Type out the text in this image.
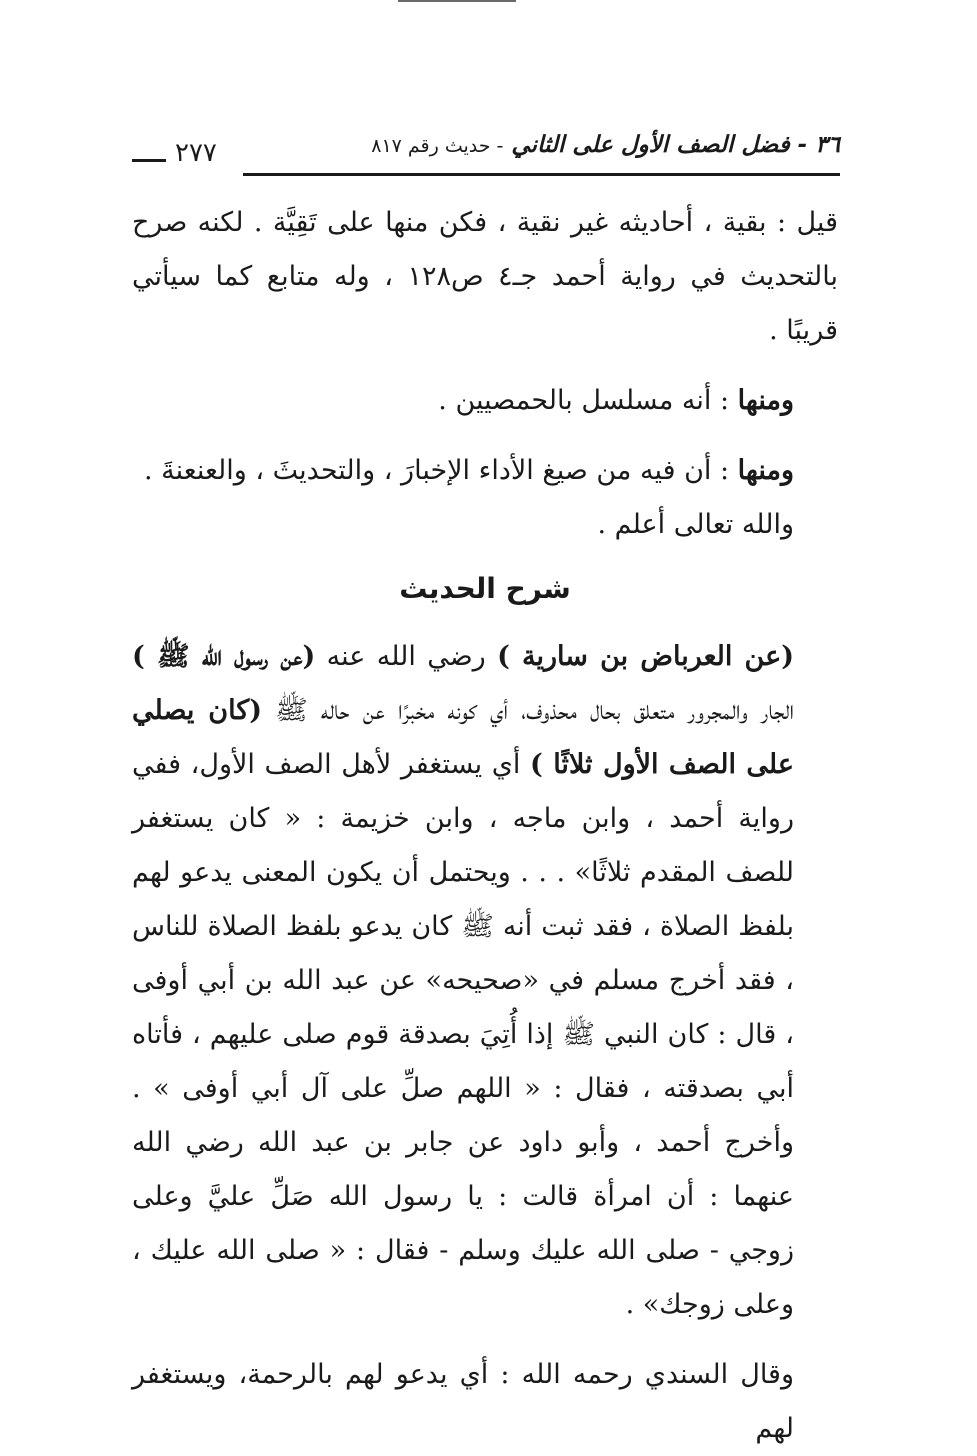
٣٦ - فضل الصف الأول على الثاني - حديث رقم ٨١٧
٢٧٧

قيل : بقية ، أحاديثه غير نقية ، فكن منها على تَقِيَّة . لكنه صرح بالتحديث في رواية أحمد جـ٤ ص١٢٨ ، وله متابع كما سيأتي قريبًا .

ومنها : أنه مسلسل بالحمصيين .

ومنها : أن فيه من صيغ الأداء الإخبارَ ، والتحديثَ ، والعنعنةَ .

والله تعالى أعلم .

شرح الحديث

(عن العرباض بن سارية ) رضي الله عنه (عن رسول الله ﷺ ) الجار والمجرور متعلق بحال محذوف، أي كونه مخبرًا عن حاله ﷺ (كان يصلي على الصف الأول ثلاثًا ) أي يستغفر لأهل الصف الأول، ففي رواية أحمد ، وابن ماجه ، وابن خزيمة : « كان يستغفر للصف المقدم ثلاثًا» . . . ويحتمل أن يكون المعنى يدعو لهم بلفظ الصلاة ، فقد ثبت أنه ﷺ كان يدعو بلفظ الصلاة للناس ، فقد أخرج مسلم في «صحيحه» عن عبد الله بن أبي أوفى ، قال : كان النبي ﷺ إذا أُتِيَ بصدقة قوم صلى عليهم ، فأتاه أبي بصدقته ، فقال : « اللهم صلِّ على آل أبي أوفى » . وأخرج أحمد ، وأبو داود عن جابر بن عبد الله رضي الله عنهما : أن امرأة قالت : يا رسول الله صَلِّ عليَّ وعلى زوجي - صلى الله عليك وسلم - فقال : « صلى الله عليك ، وعلى زوجك» .

وقال السندي رحمه الله : أي يدعو لهم بالرحمة، ويستغفر لهم
